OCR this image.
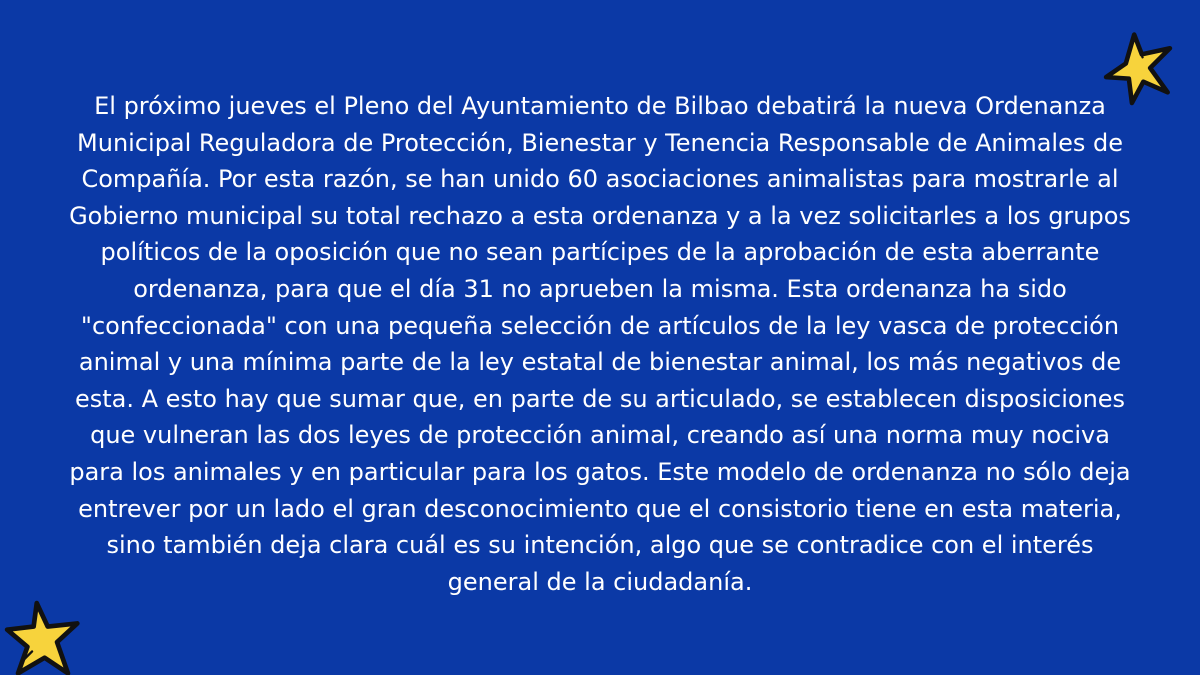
El próximo jueves el Pleno del Ayuntamiento de Bilbao debatirá la nueva Ordenanza Municipal Reguladora de Protección, Bienestar y Tenencia Responsable de Animales de Compañía. Por esta razón, se han unido 60 asociaciones animalistas para mostrarle al Gobierno municipal su total rechazo a esta ordenanza y a la vez solicitarles a los grupos políticos de la oposición que no sean partícipes de la aprobación de esta aberrante ordenanza, para que el día 31 no aprueben la misma. Esta ordenanza ha sido "confeccionada" con una pequeña selección de artículos de la ley vasca de protección animal y una mínima parte de la ley estatal de bienestar animal, los más negativos de esta. A esto hay que sumar que, en parte de su articulado, se establecen disposiciones que vulneran las dos leyes de protección animal, creando así una norma muy nociva para los animales y en particular para los gatos. Este modelo de ordenanza no sólo deja entrever por un lado el gran desconocimiento que el consistorio tiene en esta materia, sino también deja clara cuál es su intención, algo que se contradice con el interés general de la ciudadanía.
